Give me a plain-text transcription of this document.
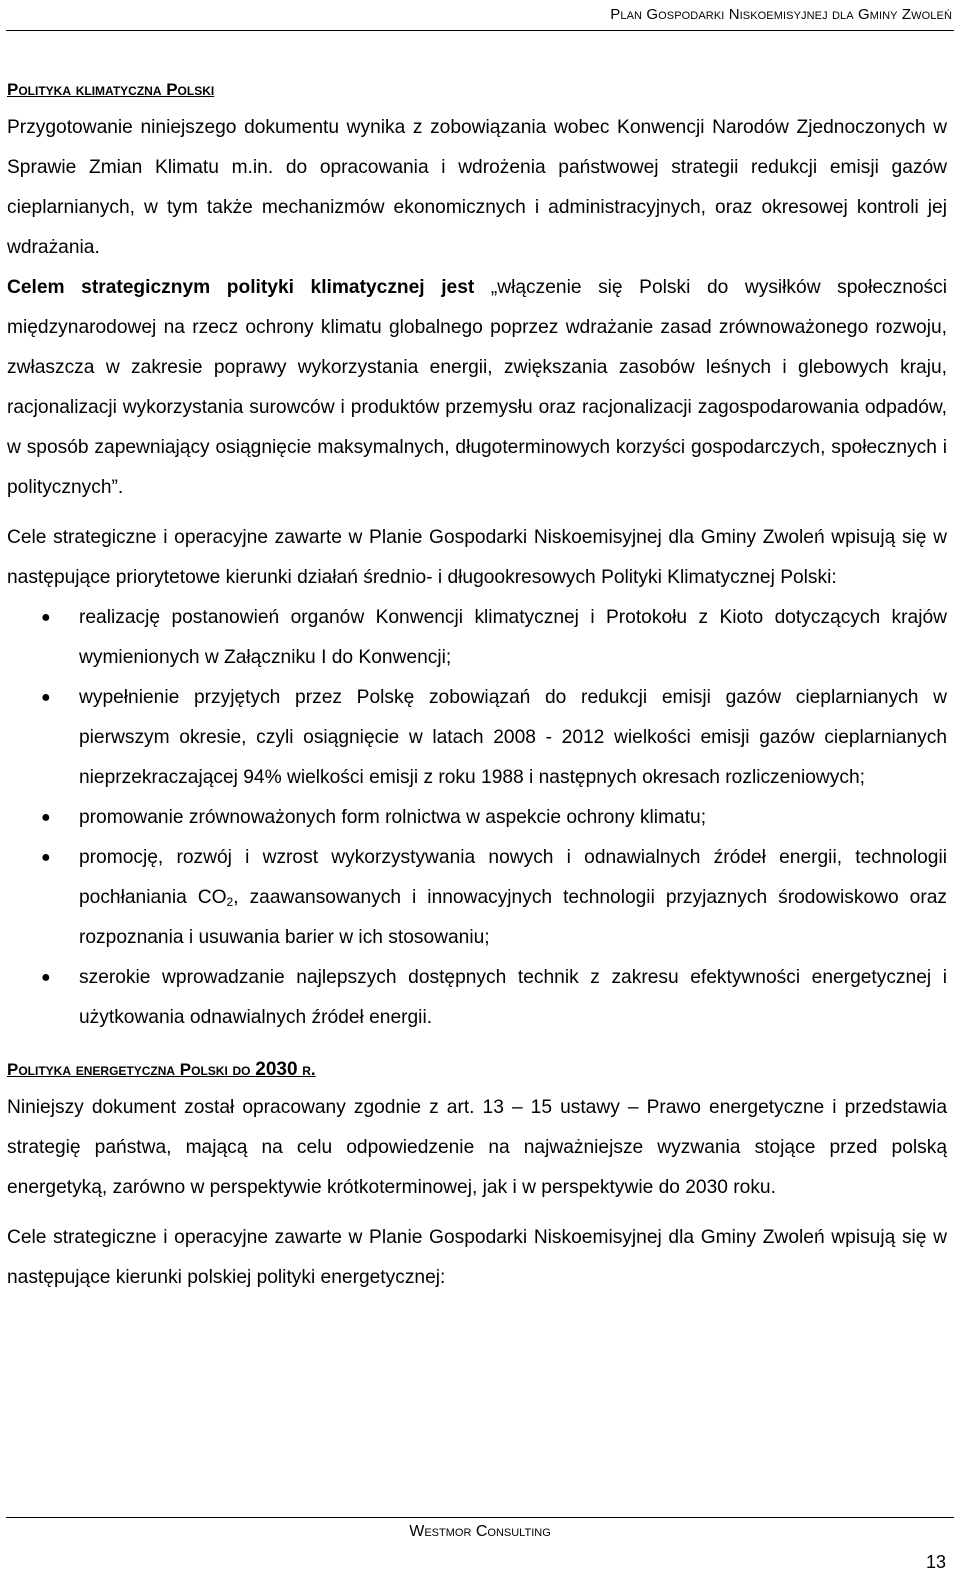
Plan Gospodarki Niskoemisyjnej dla Gminy Zwoleń
Polityka klimatyczna Polski

Przygotowanie niniejszego dokumentu wynika z zobowiązania wobec Konwencji Narodów Zjednoczonych w Sprawie Zmian Klimatu m.in. do opracowania i wdrożenia państwowej strategii redukcji emisji gazów cieplarnianych, w tym także mechanizmów ekonomicznych i administracyjnych, oraz okresowej kontroli jej wdrażania.

Celem strategicznym polityki klimatycznej jest „włączenie się Polski do wysiłków społeczności międzynarodowej na rzecz ochrony klimatu globalnego poprzez wdrażanie zasad zrównoważonego rozwoju, zwłaszcza w zakresie poprawy wykorzystania energii, zwiększania zasobów leśnych i glebowych kraju, racjonalizacji wykorzystania surowców i produktów przemysłu oraz racjonalizacji zagospodarowania odpadów, w sposób zapewniający osiągnięcie maksymalnych, długoterminowych korzyści gospodarczych, społecznych i politycznych”.

Cele strategiczne i operacyjne zawarte w Planie Gospodarki Niskoemisyjnej dla Gminy Zwoleń wpisują się w następujące priorytetowe kierunki działań średnio- i długookresowych Polityki Klimatycznej Polski:

● realizację postanowień organów Konwencji klimatycznej i Protokołu z Kioto dotyczących krajów wymienionych w Załączniku I do Konwencji;
● wypełnienie przyjętych przez Polskę zobowiązań do redukcji emisji gazów cieplarnianych w pierwszym okresie, czyli osiągnięcie w latach 2008 - 2012 wielkości emisji gazów cieplarnianych nieprzekraczającej 94% wielkości emisji z roku 1988 i następnych okresach rozliczeniowych;
● promowanie zrównoważonych form rolnictwa w aspekcie ochrony klimatu;
● promocję, rozwój i wzrost wykorzystywania nowych i odnawialnych źródeł energii, technologii pochłaniania $CO_2$, zaawansowanych i innowacyjnych technologii przyjaznych środowiskowo oraz rozpoznania i usuwania barier w ich stosowaniu;
● szerokie wprowadzanie najlepszych dostępnych technik z zakresu efektywności energetycznej i użytkowania odnawialnych źródeł energii.
Polityka energetyczna Polski do 2030 r.

Niniejszy dokument został opracowany zgodnie z art. 13 – 15 ustawy – Prawo energetyczne i przedstawia strategię państwa, mającą na celu odpowiedzenie na najważniejsze wyzwania stojące przed polską energetyką, zarówno w perspektywie krótkoterminowej, jak i w perspektywie do 2030 roku.

Cele strategiczne i operacyjne zawarte w Planie Gospodarki Niskoemisyjnej dla Gminy Zwoleń wpisują się w następujące kierunki polskiej polityki energetycznej:

Westmor Consulting
13
